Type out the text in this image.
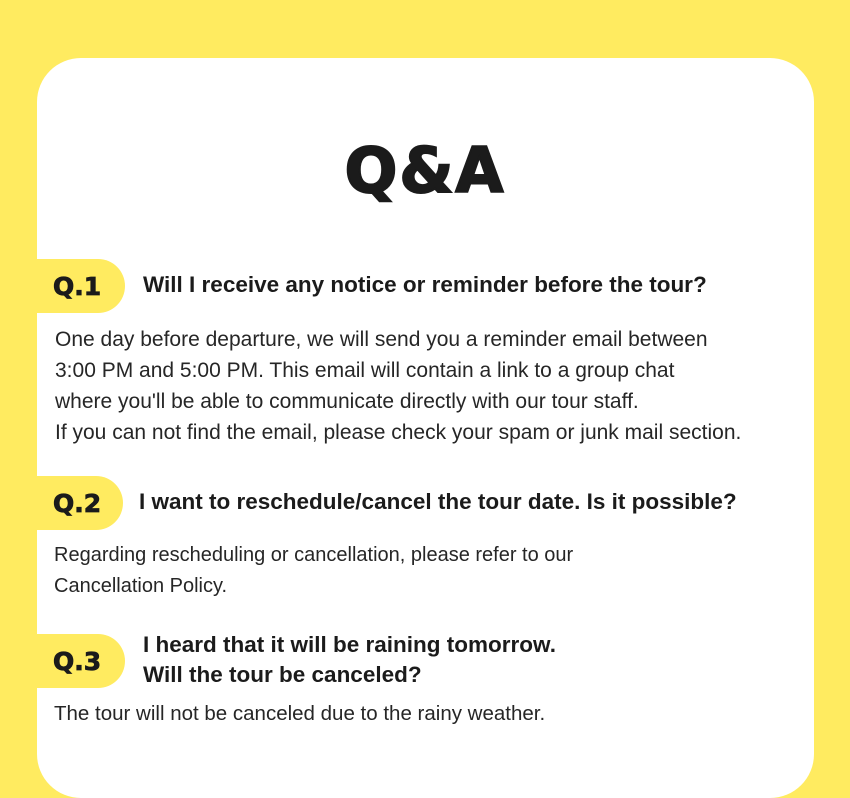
Q&A
Q.1	Will I receive any notice or reminder before the tour?
One day before departure, we will send you a reminder email between
3:00 PM and 5:00 PM. This email will contain a link to a group chat
where you'll be able to communicate directly with our tour staff.
If you can not find the email, please check your spam or junk mail section.
Q.2	I want to reschedule/cancel the tour date. Is it possible?
Regarding rescheduling or cancellation, please refer to our
Cancellation Policy.
Q.3
I heard that it will be raining tomorrow.
Will the tour be canceled?
The tour will not be canceled due to the rainy weather.
